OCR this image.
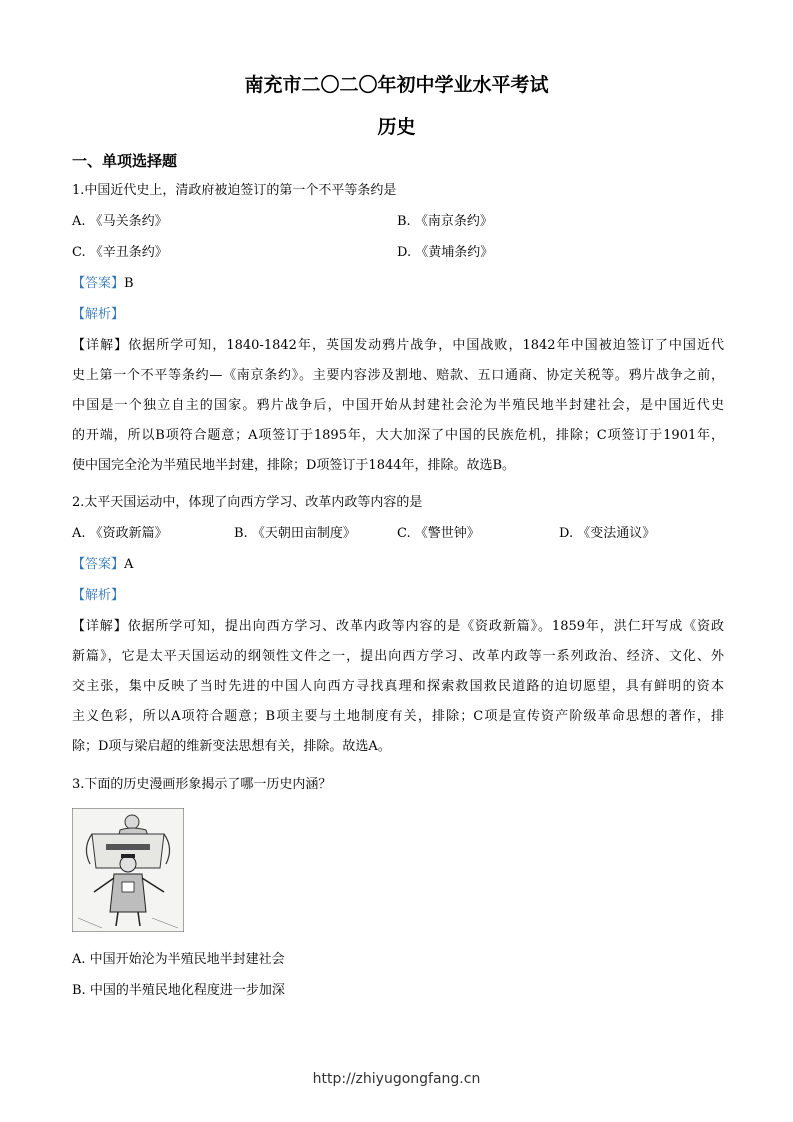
南充市二〇二〇年初中学业水平考试
历史
一、单项选择题
1.中国近代史上，清政府被迫签订的第一个不平等条约是
A. 《马关条约》	B. 《南京条约》
C. 《辛丑条约》	D. 《黄埔条约》
【答案】B
【解析】
【详解】依据所学可知，1840-1842年，英国发动鸦片战争，中国战败，1842年中国被迫签订了中国近代
史上第一个不平等条约—《南京条约》。主要内容涉及割地、赔款、五口通商、协定关税等。鸦片战争之前，
中国是一个独立自主的国家。鸦片战争后，中国开始从封建社会沦为半殖民地半封建社会，是中国近代史
的开端，所以B项符合题意；A项签订于1895年，大大加深了中国的民族危机，排除；C项签订于1901年，
使中国完全沦为半殖民地半封建，排除；D项签订于1844年，排除。故选B。
2.太平天国运动中，体现了向西方学习、改革内政等内容的是
A. 《资政新篇》	B. 《天朝田亩制度》	C. 《警世钟》	D. 《变法通议》
【答案】A
【解析】
【详解】依据所学可知，提出向西方学习、改革内政等内容的是《资政新篇》。1859年，洪仁玕写成《资政
新篇》，它是太平天国运动的纲领性文件之一，提出向西方学习、改革内政等一系列政治、经济、文化、外
交主张，集中反映了当时先进的中国人向西方寻找真理和探索救国救民道路的迫切愿望，具有鲜明的资本
主义色彩，所以A项符合题意；B项主要与土地制度有关，排除；C项是宣传资产阶级革命思想的著作，排
除；D项与梁启超的维新变法思想有关，排除。故选A。
3.下面的历史漫画形象揭示了哪一历史内涵？
A. 中国开始沦为半殖民地半封建社会
B. 中国的半殖民地化程度进一步加深
http://zhiyugongfang.cn
